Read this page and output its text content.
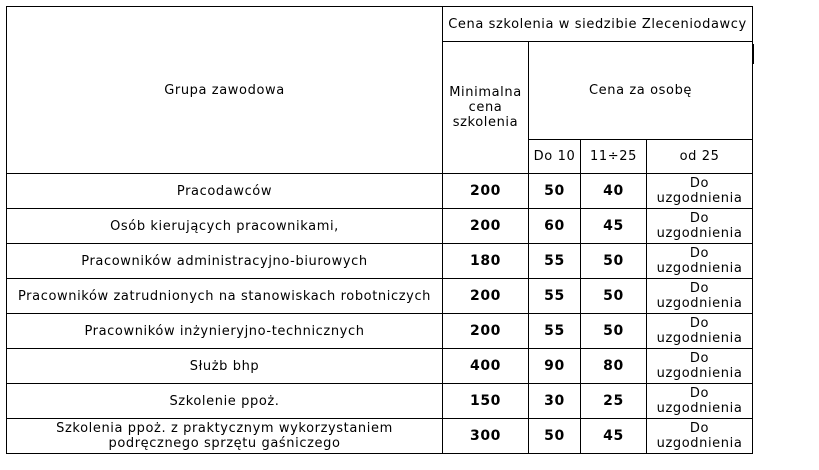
Grupa zawodowa	Cena szkolenia w siedzibie Zleceniodawcy			
	Minimalna cena szkolenia	Cena za osobę		
		Do 10	11÷25	od 25
Pracodawców	200	50	40	Do uzgodnienia
Osób kierujących pracownikami,	200	60	45	Do uzgodnienia
Pracowników administracyjno-biurowych	180	55	50	Do uzgodnienia
Pracowników zatrudnionych na stanowiskach robotniczych	200	55	50	Do uzgodnienia
Pracowników inżynieryjno-technicznych	200	55	50	Do uzgodnienia
Służb bhp	400	90	80	Do uzgodnienia
Szkolenie ppoż.	150	30	25	Do uzgodnienia
Szkolenia ppoż. z praktycznym wykorzystaniem podręcznego sprzętu gaśniczego	300	50	45	Do uzgodnienia
